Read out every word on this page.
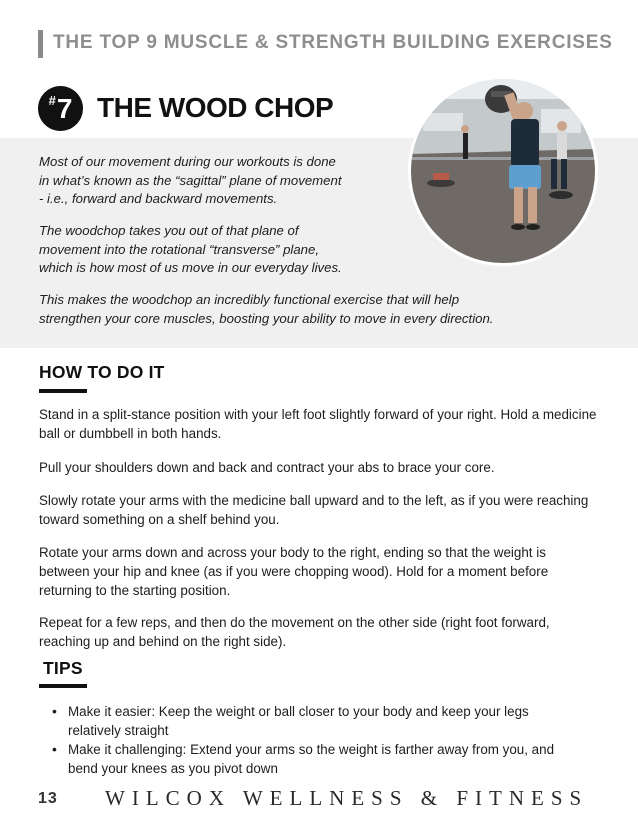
THE TOP 9 MUSCLE & STRENGTH BUILDING EXERCISES
# 7 THE WOOD CHOP
Most of our movement during our workouts is done
in what’s known as the “sagittal” plane of movement
- i.e., forward and backward movements.
The woodchop takes you out of that plane of
movement into the rotational “transverse” plane,
which is how most of us move in our everyday lives.
This makes the woodchop an incredibly functional exercise that will help
strengthen your core muscles, boosting your ability to move in every direction.
HOW TO DO IT
Stand in a split-stance position with your left foot slightly forward of your right. Hold a medicine ball or dumbbell in both hands.
Pull your shoulders down and back and contract your abs to brace your core.
Slowly rotate your arms with the medicine ball upward and to the left, as if you were reaching toward something on a shelf behind you.
Rotate your arms down and across your body to the right, ending so that the weight is between your hip and knee (as if you were chopping wood). Hold for a moment before returning to the starting position.
Repeat for a few reps, and then do the movement on the other side (right foot forward, reaching up and behind on the right side).
TIPS
• Make it easier: Keep the weight or ball closer to your body and keep your legs relatively straight
• Make it challenging: Extend your arms so the weight is farther away from you, and bend your knees as you pivot down
13 WILCOX WELLNESS & FITNESS
